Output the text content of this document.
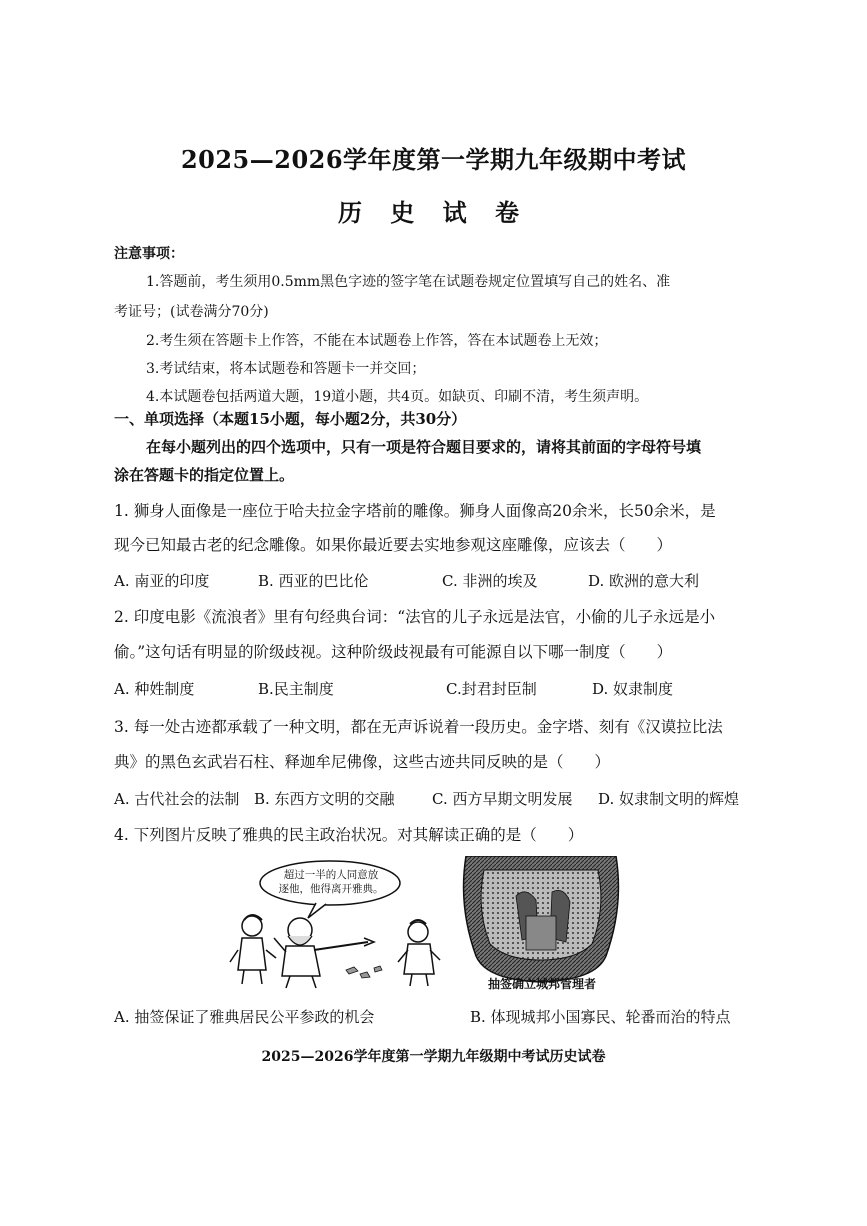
2025—2026学年度第一学期九年级期中考试
历 史 试 卷
注意事项：
1.答题前，考生须用0.5mm黑色字迹的签字笔在试题卷规定位置填写自己的姓名、准
考证号；(试卷满分70分)
2.考生须在答题卡上作答，不能在本试题卷上作答，答在本试题卷上无效；
3.考试结束，将本试题卷和答题卡一并交回；
4.本试题卷包括两道大题，19道小题，共4页。如缺页、印刷不清，考生须声明。
一、单项选择（本题15小题，每小题2分，共30分）
在每小题列出的四个选项中，只有一项是符合题目要求的，请将其前面的字母符号填
涂在答题卡的指定位置上。
1. 狮身人面像是一座位于哈夫拉金字塔前的雕像。狮身人面像高20余米，长50余米，是
现今已知最古老的纪念雕像。如果你最近要去实地参观这座雕像，应该去（　　）
A. 南亚的印度	B. 西亚的巴比伦	C. 非洲的埃及	D. 欧洲的意大利
2. 印度电影《流浪者》里有句经典台词：“法官的儿子永远是法官，小偷的儿子永远是小
偷。”这句话有明显的阶级歧视。这种阶级歧视最有可能源自以下哪一制度（　　）
A. 种姓制度	B.民主制度	C.封君封臣制	D. 奴隶制度
3. 每一处古迹都承载了一种文明，都在无声诉说着一段历史。金字塔、刻有《汉谟拉比法
典》的黑色玄武岩石柱、释迦牟尼佛像，这些古迹共同反映的是（　　）
A. 古代社会的法制 B. 东西方文明的交融 C. 西方早期文明发展 D. 奴隶制文明的辉煌
4. 下列图片反映了雅典的民主政治状况。对其解读正确的是（　　）
超过一半的人同意放
逐他，他得离开雅典。
抽签确立城邦管理者
A. 抽签保证了雅典居民公平参政的机会	B. 体现城邦小国寡民、轮番而治的特点
2025—2026学年度第一学期九年级期中考试历史试卷
